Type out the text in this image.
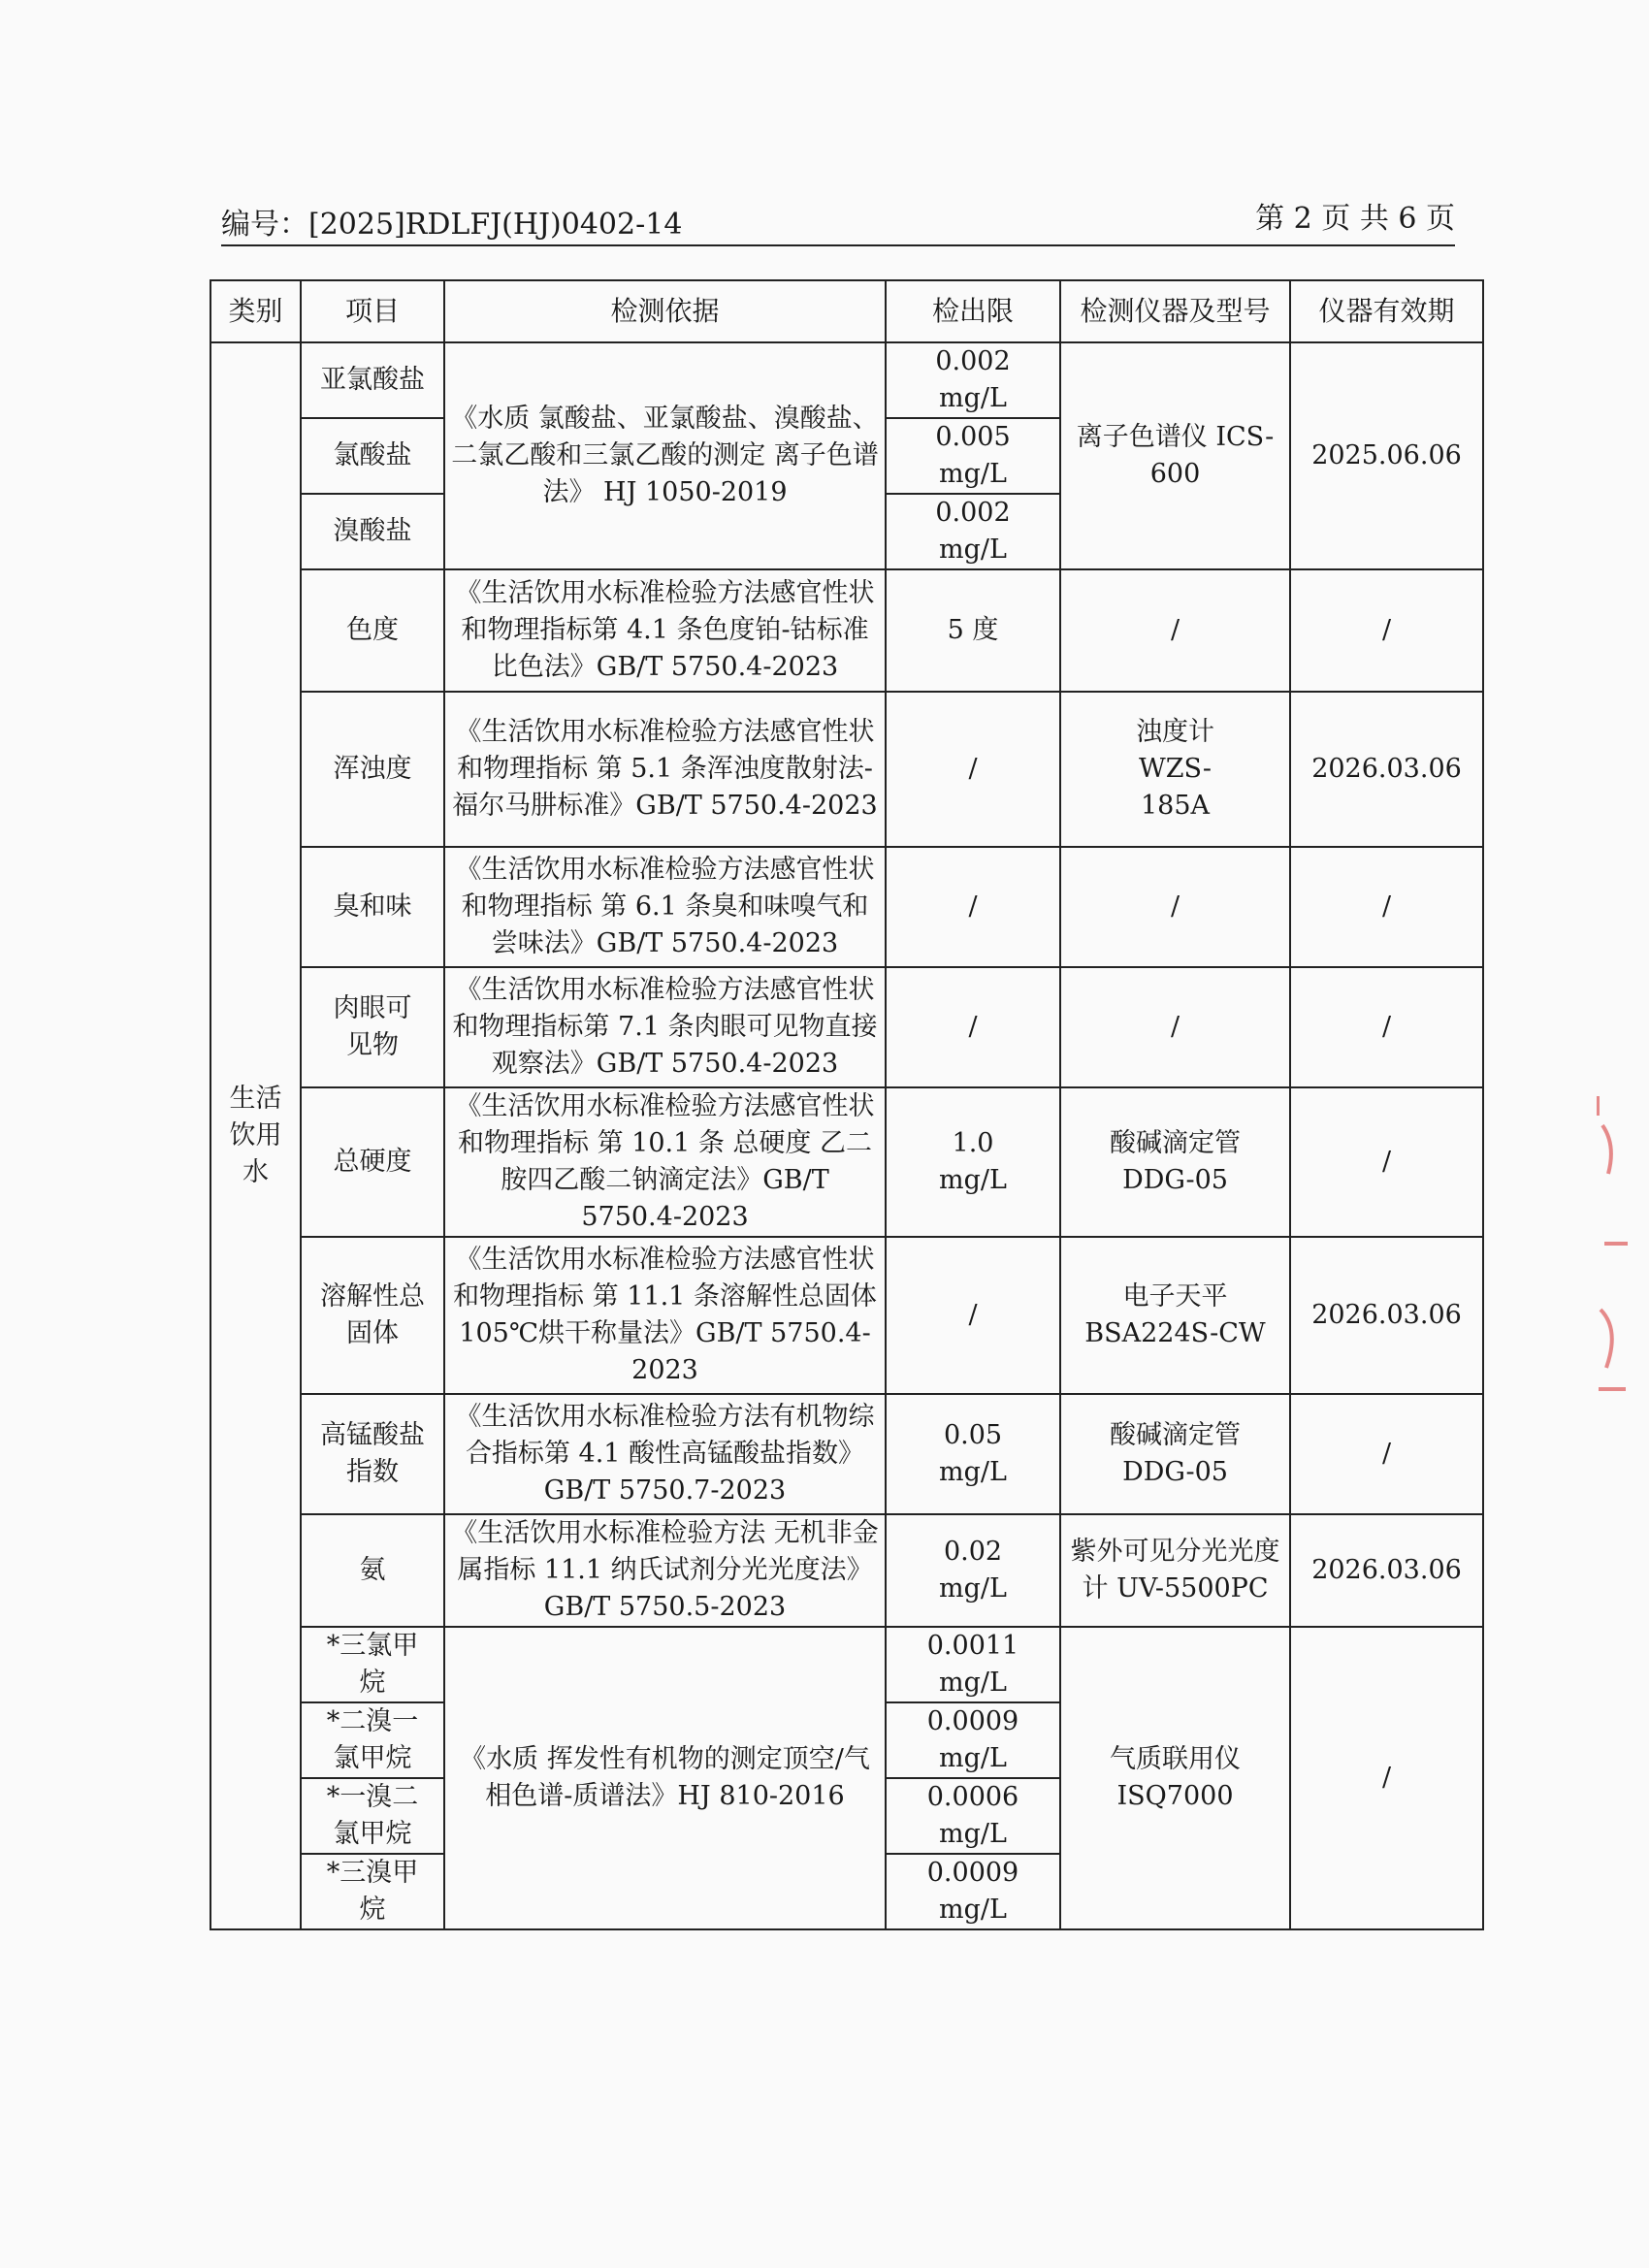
编号：[2025]RDLFJ(HJ)0402-14	第 2 页 共 6 页
类别	项目	检测依据	检出限	检测仪器及型号	仪器有效期
生活饮用水	亚氯酸盐	《水质 氯酸盐、亚氯酸盐、溴酸盐、二氯乙酸和三氯乙酸的测定 离子色谱法》 HJ 1050-2019	0.002 mg/L	离子色谱仪 ICS-600	2025.06.06
	氯酸盐		0.005 mg/L		
	溴酸盐		0.002 mg/L		
	色度	《生活饮用水标准检验方法感官性状和物理指标第 4.1 条色度铂-钴标准比色法》GB/T 5750.4-2023	5 度	/	/
	浑浊度	《生活饮用水标准检验方法感官性状和物理指标 第 5.1 条浑浊度散射法-福尔马肼标准》GB/T 5750.4-2023	/	浊度计 WZS-185A	2026.03.06
	臭和味	《生活饮用水标准检验方法感官性状和物理指标 第 6.1 条臭和味嗅气和尝味法》GB/T 5750.4-2023	/	/	/
	肉眼可见物	《生活饮用水标准检验方法感官性状和物理指标第 7.1 条肉眼可见物直接观察法》GB/T 5750.4-2023	/	/	/
	总硬度	《生活饮用水标准检验方法感官性状和物理指标 第 10.1 条 总硬度 乙二胺四乙酸二钠滴定法》GB/T 5750.4-2023	1.0 mg/L	酸碱滴定管 DDG-05	/
	溶解性总固体	《生活饮用水标准检验方法感官性状和物理指标 第 11.1 条溶解性总固体 105℃烘干称量法》GB/T 5750.4-2023	/	电子天平 BSA224S-CW	2026.03.06
	高锰酸盐指数	《生活饮用水标准检验方法有机物综合指标第 4.1 酸性高锰酸盐指数》GB/T 5750.7-2023	0.05 mg/L	酸碱滴定管 DDG-05	/
	氨	《生活饮用水标准检验方法 无机非金属指标 11.1 纳氏试剂分光光度法》GB/T 5750.5-2023	0.02 mg/L	紫外可见分光光度计 UV-5500PC	2026.03.06
	*三氯甲烷	《水质 挥发性有机物的测定顶空/气相色谱-质谱法》HJ 810-2016	0.0011 mg/L	气质联用仪 ISQ7000	/
	*二溴一氯甲烷		0.0009 mg/L		
	*一溴二氯甲烷		0.0006 mg/L		
	*三溴甲烷		0.0009 mg/L		
